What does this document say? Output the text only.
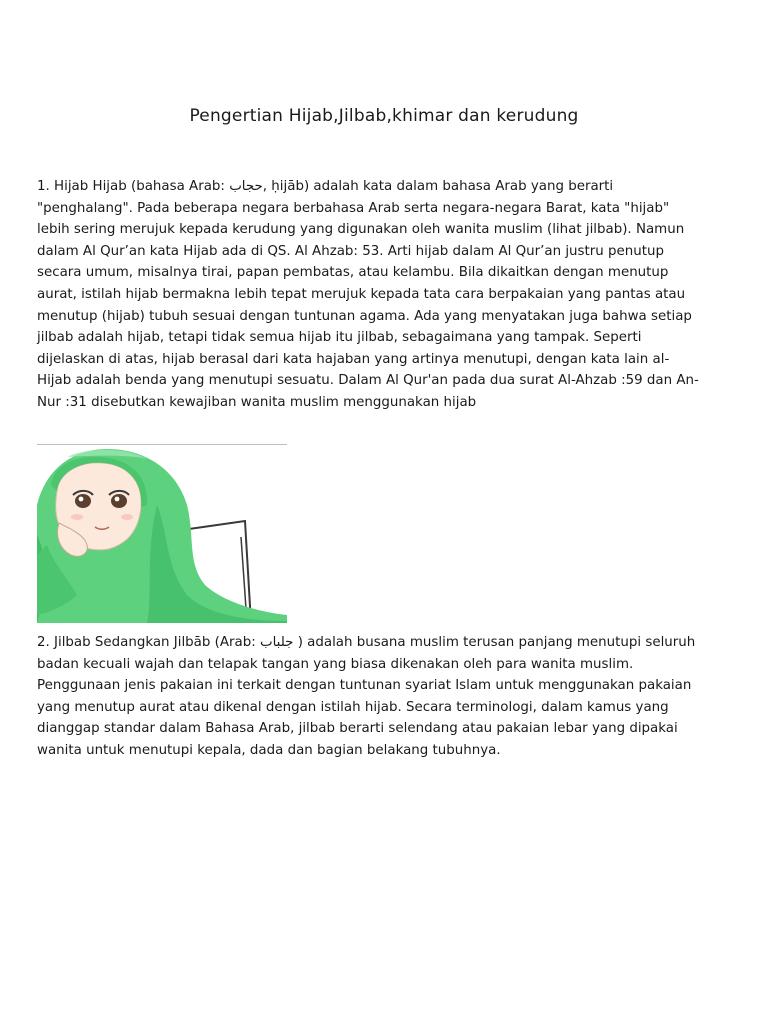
Pengertian Hijab,Jilbab,khimar dan kerudung

1. Hijab Hijab (bahasa Arab: حجاب, ḥijāb) adalah kata dalam bahasa Arab yang berarti "penghalang". Pada beberapa negara berbahasa Arab serta negara-negara Barat, kata "hijab" lebih sering merujuk kepada kerudung yang digunakan oleh wanita muslim (lihat jilbab). Namun dalam Al Qur’an kata Hijab ada di QS. Al Ahzab: 53. Arti hijab dalam Al Qur’an justru penutup secara umum, misalnya tirai, papan pembatas, atau kelambu. Bila dikaitkan dengan menutup aurat, istilah hijab bermakna lebih tepat merujuk kepada tata cara berpakaian yang pantas atau menutup (hijab) tubuh sesuai dengan tuntunan agama. Ada yang menyatakan juga bahwa setiap jilbab adalah hijab, tetapi tidak semua hijab itu jilbab, sebagaimana yang tampak. Seperti dijelaskan di atas, hijab berasal dari kata hajaban yang artinya menutupi, dengan kata lain al-Hijab adalah benda yang menutupi sesuatu. Dalam Al Qur'an pada dua surat Al-Ahzab :59 dan An-Nur :31 disebutkan kewajiban wanita muslim menggunakan hijab

2. Jilbab Sedangkan Jilbāb (Arab: جلباب ) adalah busana muslim terusan panjang menutupi seluruh badan kecuali wajah dan telapak tangan yang biasa dikenakan oleh para wanita muslim. Penggunaan jenis pakaian ini terkait dengan tuntunan syariat Islam untuk menggunakan pakaian yang menutup aurat atau dikenal dengan istilah hijab. Secara terminologi, dalam kamus yang dianggap standar dalam Bahasa Arab, jilbab berarti selendang atau pakaian lebar yang dipakai wanita untuk menutupi kepala, dada dan bagian belakang tubuhnya.
